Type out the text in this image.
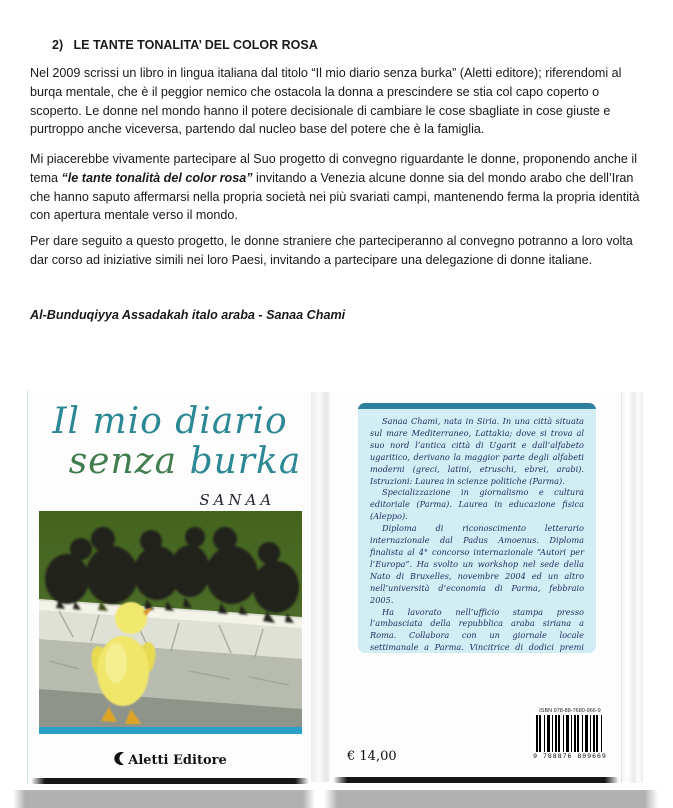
2)   LE TANTE TONALITA’ DEL COLOR ROSA
Nel 2009 scrissi un libro in lingua italiana dal titolo “Il mio diario senza burka” (Aletti editore); riferendomi al burqa mentale, che è il peggior nemico che ostacola la donna a prescindere se stia col capo coperto o scoperto. Le donne nel mondo hanno il potere decisionale di cambiare le cose sbagliate in cose giuste e purtroppo anche viceversa, partendo dal nucleo base del potere che è la famiglia.
Mi piacerebbe vivamente partecipare al Suo progetto di convegno riguardante le donne, proponendo anche il tema “le tante tonalità del color rosa” invitando a Venezia alcune donne sia del mondo arabo che dell’Iran che hanno saputo affermarsi nella propria società nei più svariati campi, mantenendo ferma la propria identità con apertura mentale verso il mondo.
Per dare seguito a questo progetto, le donne straniere che parteciperanno al convegno potranno a loro volta dar corso ad iniziative simili nei loro Paesi, invitando a partecipare una delegazione di donne italiane.
Al-Bunduqiyya Assadakah italo araba - Sanaa Chami
Il mio diario
senza burka
SANAA
Aletti Editore

Sanaa Chami, nata in Siria. In una città situata sul mare Mediterraneo, Lattakia; dove si trova al suo nord l’antica città di Ugarit e dall’alfabeto ugaritico, derivano la maggior parte degli alfabeti moderni (greci, latini, etruschi, ebrei, arabi). Istruzioni: Laurea in scienze politiche (Parma).

Specializzazione in giornalismo e cultura editoriale (Parma). Laurea in educazione fisica (Aleppo).

Diploma di riconoscimento letterario internazionale dal Padus Amoenus. Diploma finalista al 4° concorso internazionale “Autori per l’Europa”. Ha svolto un workshop nel sede della Nato di Bruxelles, novembre 2004 ed un altro nell’università d’economia di Parma, febbraio 2005.

Ha lavorato nell’ufficio stampa presso l’ambasciata della repubblica araba siriana a Roma. Collabora con un giornale locale settimanale a Parma. Vincitrice di dodici premi

ISBN 978-88-7680-966-9
9 788876 809669
€ 14,00
